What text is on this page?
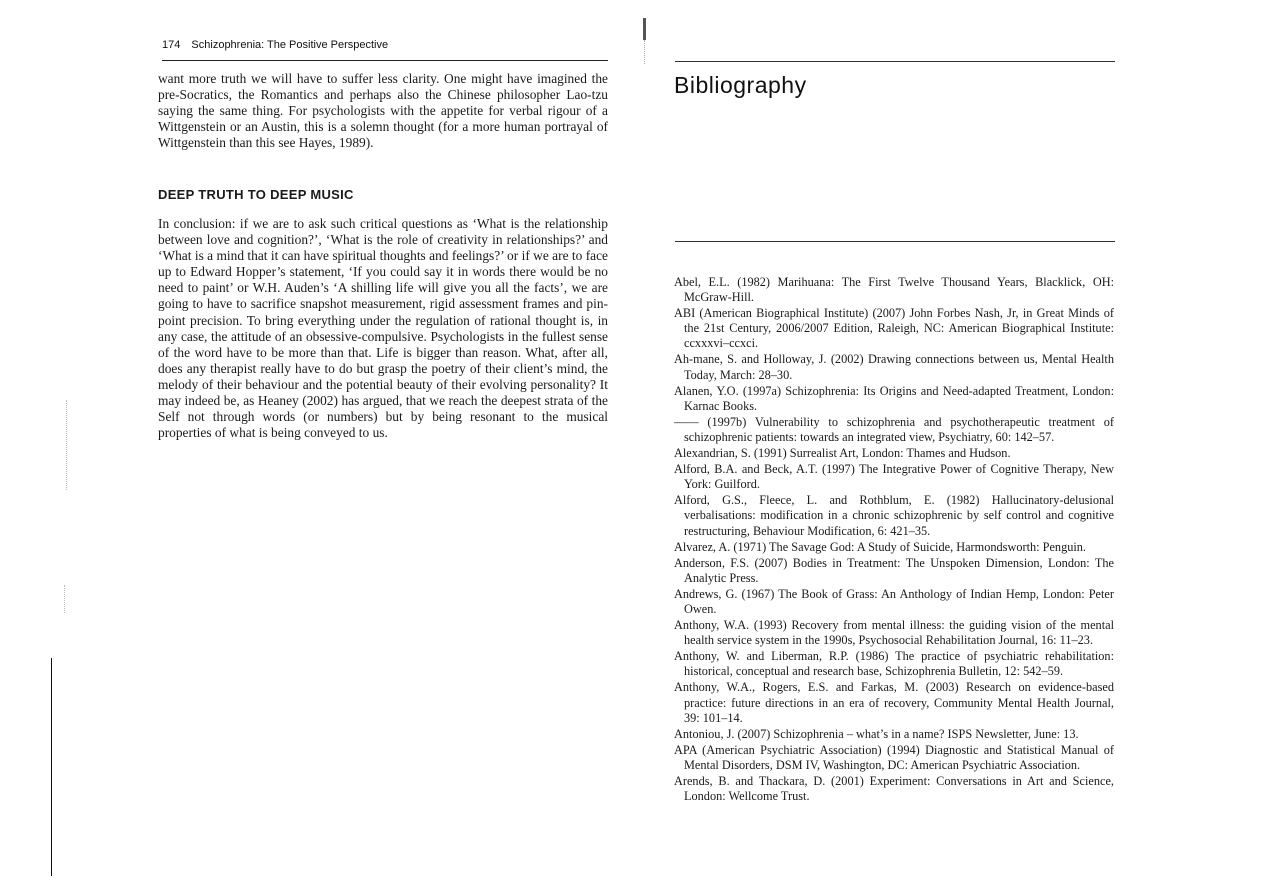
174 Schizophrenia: The Positive Perspective

want more truth we will have to suffer less clarity. One might have imagined the pre-Socratics, the Romantics and perhaps also the Chinese philosopher Lao-tzu saying the same thing. For psychologists with the appetite for verbal rigour of a Wittgenstein or an Austin, this is a solemn thought (for a more human portrayal of Wittgenstein than this see Hayes, 1989).

DEEP TRUTH TO DEEP MUSIC

In conclusion: if we are to ask such critical questions as ‘What is the relationship between love and cognition?’, ‘What is the role of creativity in relationships?’ and ‘What is a mind that it can have spiritual thoughts and feelings?’ or if we are to face up to Edward Hopper’s statement, ‘If you could say it in words there would be no need to paint’ or W.H. Auden’s ‘A shilling life will give you all the facts’, we are going to have to sacrifice snapshot measurement, rigid assessment frames and pin-point precision. To bring everything under the regulation of rational thought is, in any case, the attitude of an obsessive-compulsive. Psychologists in the fullest sense of the word have to be more than that. Life is bigger than reason. What, after all, does any therapist really have to do but grasp the poetry of their client’s mind, the melody of their behaviour and the potential beauty of their evolving personality? It may indeed be, as Heaney (2002) has argued, that we reach the deepest strata of the Self not through words (or numbers) but by being resonant to the musical properties of what is being conveyed to us.

Bibliography
Abel, E.L. (1982) Marihuana: The First Twelve Thousand Years, Blacklick, OH: McGraw-Hill.
ABI (American Biographical Institute) (2007) John Forbes Nash, Jr, in Great Minds of the 21st Century, 2006/2007 Edition, Raleigh, NC: American Biographical Institute: ccxxxvi–ccxci.
Ah-mane, S. and Holloway, J. (2002) Drawing connections between us, Mental Health Today, March: 28–30.
Alanen, Y.O. (1997a) Schizophrenia: Its Origins and Need-adapted Treatment, London: Karnac Books.
—— (1997b) Vulnerability to schizophrenia and psychotherapeutic treatment of schizophrenic patients: towards an integrated view, Psychiatry, 60: 142–57.
Alexandrian, S. (1991) Surrealist Art, London: Thames and Hudson.
Alford, B.A. and Beck, A.T. (1997) The Integrative Power of Cognitive Therapy, New York: Guilford.
Alford, G.S., Fleece, L. and Rothblum, E. (1982) Hallucinatory-delusional verbalisations: modification in a chronic schizophrenic by self control and cognitive restructuring, Behaviour Modification, 6: 421–35.
Alvarez, A. (1971) The Savage God: A Study of Suicide, Harmondsworth: Penguin.
Anderson, F.S. (2007) Bodies in Treatment: The Unspoken Dimension, London: The Analytic Press.
Andrews, G. (1967) The Book of Grass: An Anthology of Indian Hemp, London: Peter Owen.
Anthony, W.A. (1993) Recovery from mental illness: the guiding vision of the mental health service system in the 1990s, Psychosocial Rehabilitation Journal, 16: 11–23.
Anthony, W. and Liberman, R.P. (1986) The practice of psychiatric rehabilitation: historical, conceptual and research base, Schizophrenia Bulletin, 12: 542–59.
Anthony, W.A., Rogers, E.S. and Farkas, M. (2003) Research on evidence-based practice: future directions in an era of recovery, Community Mental Health Journal, 39: 101–14.
Antoniou, J. (2007) Schizophrenia – what’s in a name? ISPS Newsletter, June: 13.
APA (American Psychiatric Association) (1994) Diagnostic and Statistical Manual of Mental Disorders, DSM IV, Washington, DC: American Psychiatric Association.
Arends, B. and Thackara, D. (2001) Experiment: Conversations in Art and Science, London: Wellcome Trust.
